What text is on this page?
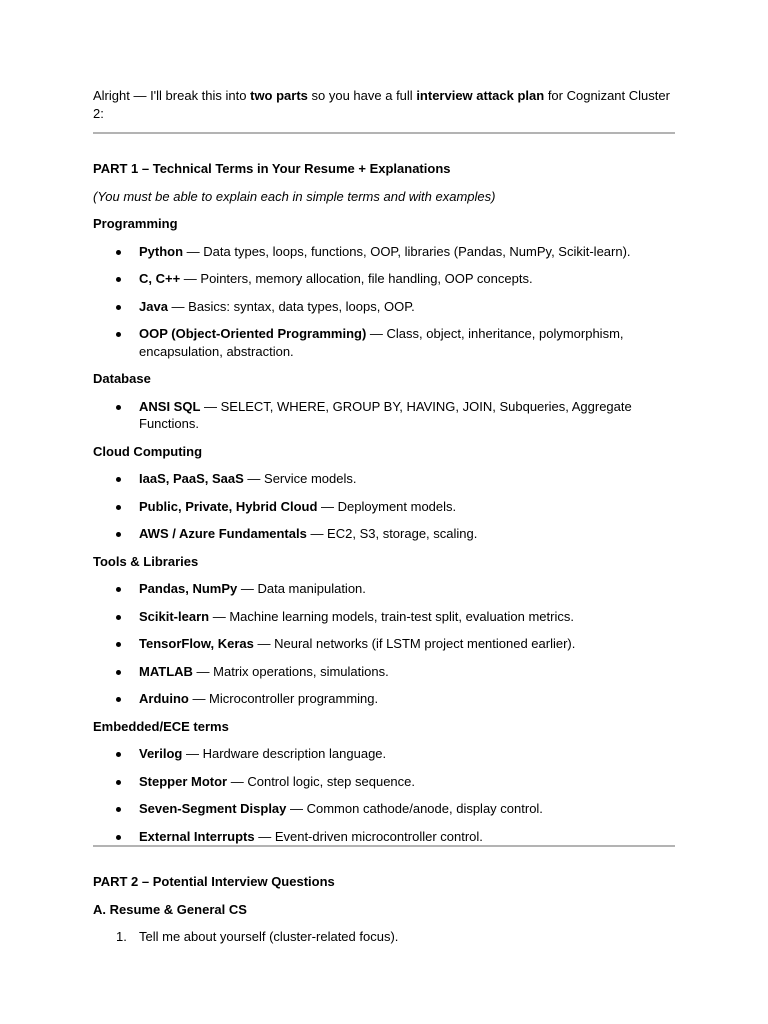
Alright — I'll break this into two parts so you have a full interview attack plan for Cognizant Cluster 2:

PART 1 – Technical Terms in Your Resume + Explanations

(You must be able to explain each in simple terms and with examples)

Programming

Python — Data types, loops, functions, OOP, libraries (Pandas, NumPy, Scikit-learn).
C, C++ — Pointers, memory allocation, file handling, OOP concepts.
Java — Basics: syntax, data types, loops, OOP.
OOP (Object-Oriented Programming) — Class, object, inheritance, polymorphism, encapsulation, abstraction.

Database

ANSI SQL — SELECT, WHERE, GROUP BY, HAVING, JOIN, Subqueries, Aggregate Functions.

Cloud Computing

IaaS, PaaS, SaaS — Service models.
Public, Private, Hybrid Cloud — Deployment models.
AWS / Azure Fundamentals — EC2, S3, storage, scaling.

Tools & Libraries

Pandas, NumPy — Data manipulation.
Scikit-learn — Machine learning models, train-test split, evaluation metrics.
TensorFlow, Keras — Neural networks (if LSTM project mentioned earlier).
MATLAB — Matrix operations, simulations.
Arduino — Microcontroller programming.

Embedded/ECE terms

Verilog — Hardware description language.
Stepper Motor — Control logic, step sequence.
Seven-Segment Display — Common cathode/anode, display control.
External Interrupts — Event-driven microcontroller control.

PART 2 – Potential Interview Questions

A. Resume & General CS

1. Tell me about yourself (cluster-related focus).
